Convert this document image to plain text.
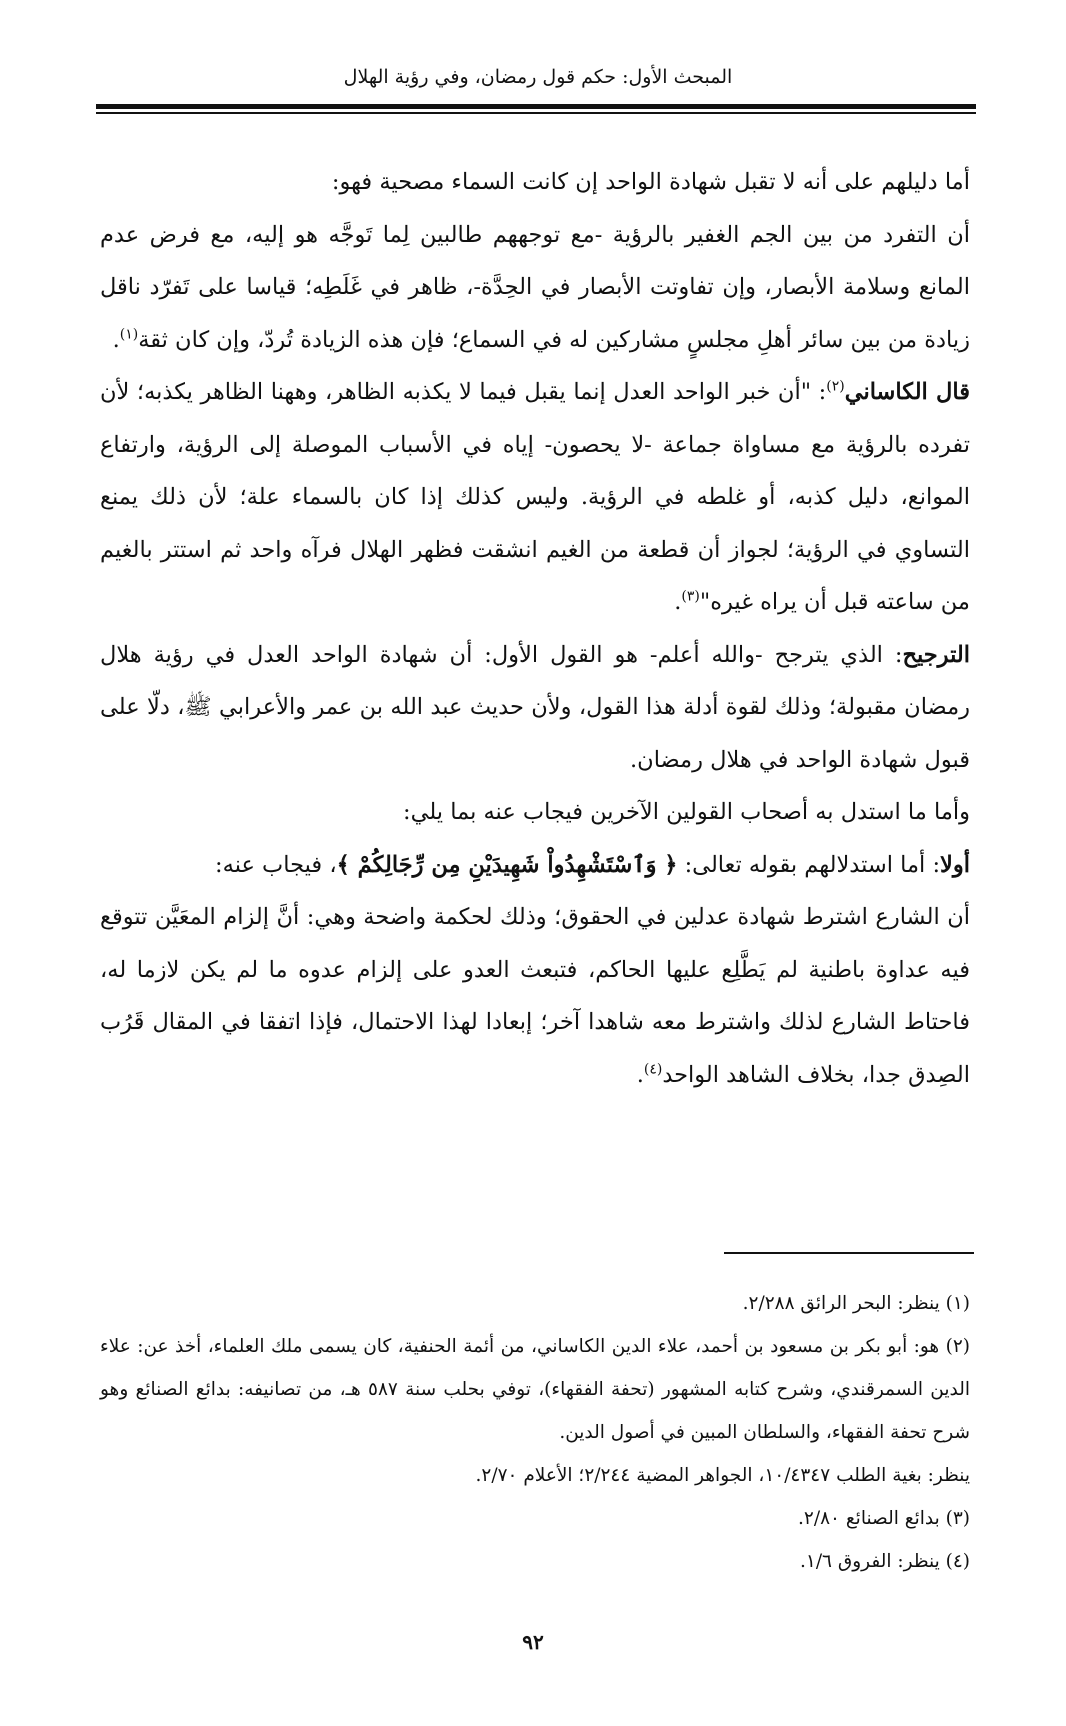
المبحث الأول: حكم قول رمضان، وفي رؤية الهلال

أما دليلهم على أنه لا تقبل شهادة الواحد إن كانت السماء مصحية فهو:

أن التفرد من بين الجم الغفير بالرؤية -مع توجههم طالبين لِما تَوجَّه هو إليه، مع فرض عدم المانع وسلامة الأبصار، وإن تفاوتت الأبصار في الحِدَّة-، ظاهر في غَلَطِه؛ قياسا على تَفرّد ناقل زيادة من بين سائر أهلِ مجلسٍ مشاركين له في السماع؛ فإن هذه الزيادة تُردّ، وإن كان ثقة$^{(١)}$.

قال الكاساني$^{(٢)}$: "أن خبر الواحد العدل إنما يقبل فيما لا يكذبه الظاهر، وههنا الظاهر يكذبه؛ لأن تفرده بالرؤية مع مساواة جماعة -لا يحصون- إياه في الأسباب الموصلة إلى الرؤية، وارتفاع الموانع، دليل كذبه، أو غلطه في الرؤية. وليس كذلك إذا كان بالسماء علة؛ لأن ذلك يمنع التساوي في الرؤية؛ لجواز أن قطعة من الغيم انشقت فظهر الهلال فرآه واحد ثم استتر بالغيم من ساعته قبل أن يراه غيره"$^{(٣)}$.

الترجيح: الذي يترجح -والله أعلم- هو القول الأول: أن شهادة الواحد العدل في رؤية هلال رمضان مقبولة؛ وذلك لقوة أدلة هذا القول، ولأن حديث عبد الله بن عمر والأعرابي ﷺ، دلّا على قبول شهادة الواحد في هلال رمضان.

وأما ما استدل به أصحاب القولين الآخرين فيجاب عنه بما يلي:

أولا: أما استدلالهم بقوله تعالى: ﴿ وَٱسْتَشْهِدُواْ شَهِيدَيْنِ مِن رِّجَالِكُمْ ﴾، فيجاب عنه:

أن الشارع اشترط شهادة عدلين في الحقوق؛ وذلك لحكمة واضحة وهي: أنَّ إلزام المعَيَّن تتوقع فيه عداوة باطنية لم يَطَّلِع عليها الحاكم، فتبعث العدو على إلزام عدوه ما لم يكن لازما له، فاحتاط الشارع لذلك واشترط معه شاهدا آخر؛ إبعادا لهذا الاحتمال، فإذا اتفقا في المقال قَرُب الصِدق جدا، بخلاف الشاهد الواحد$^{(٤)}$.

(١) ينظر: البحر الرائق ٢/٢٨٨.

(٢) هو: أبو بكر بن مسعود بن أحمد، علاء الدين الكاساني، من أئمة الحنفية، كان يسمى ملك العلماء، أخذ عن: علاء الدين السمرقندي، وشرح كتابه المشهور (تحفة الفقهاء)، توفي بحلب سنة ٥٨٧ هـ، من تصانيفه: بدائع الصنائع وهو شرح تحفة الفقهاء، والسلطان المبين في أصول الدين.

ينظر: بغية الطلب ١٠/٤٣٤٧، الجواهر المضية ٢/٢٤٤؛ الأعلام ٢/٧٠.

(٣) بدائع الصنائع ٢/٨٠.

(٤) ينظر: الفروق ١/٦.

٩٢
